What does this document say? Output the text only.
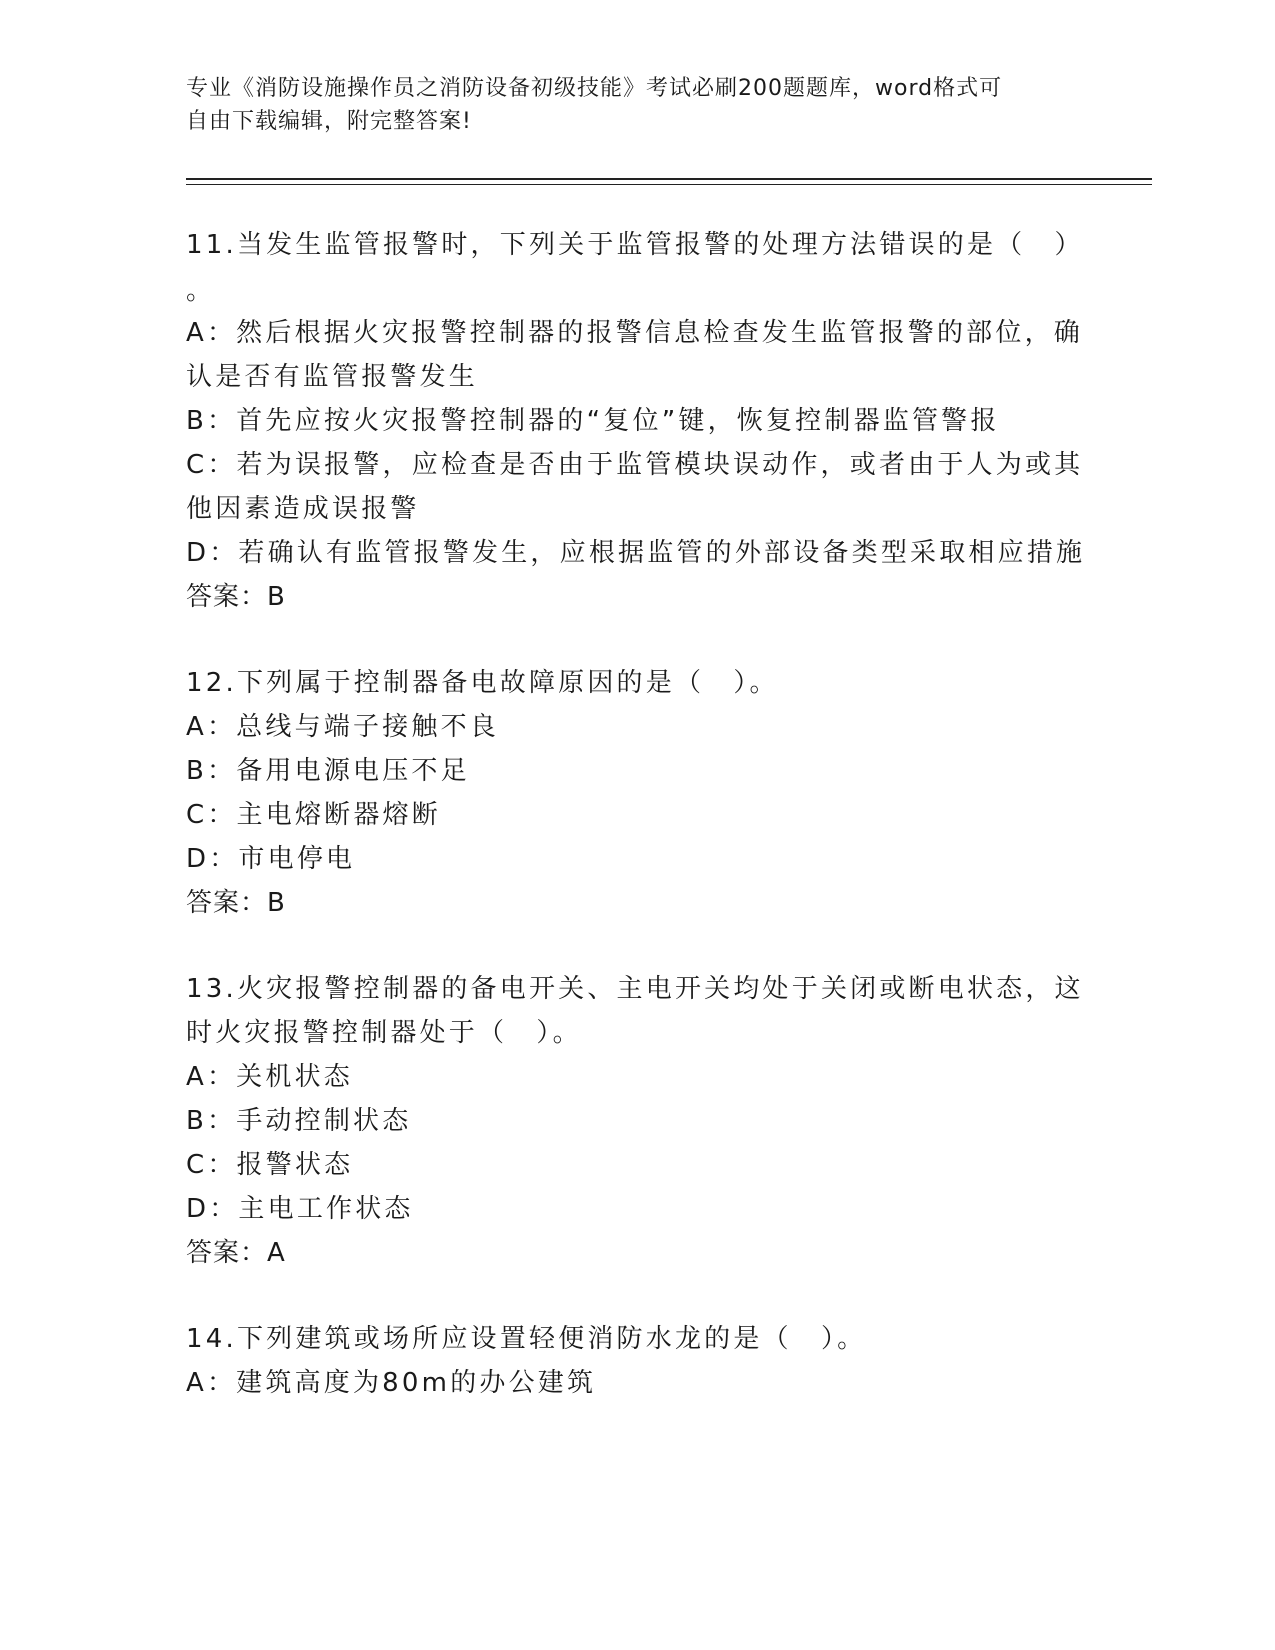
专业《消防设施操作员之消防设备初级技能》考试必刷200题题库，word格式可
自由下载编辑，附完整答案!
11.当发生监管报警时，下列关于监管报警的处理方法错误的是（　）
。
A：然后根据火灾报警控制器的报警信息检查发生监管报警的部位，确
认是否有监管报警发生
B：首先应按火灾报警控制器的“复位”键，恢复控制器监管警报
C：若为误报警，应检查是否由于监管模块误动作，或者由于人为或其
他因素造成误报警
D：若确认有监管报警发生，应根据监管的外部设备类型采取相应措施
答案：B
12.下列属于控制器备电故障原因的是（　）。
A：总线与端子接触不良
B：备用电源电压不足
C：主电熔断器熔断
D：市电停电
答案：B
13.火灾报警控制器的备电开关、主电开关均处于关闭或断电状态，这
时火灾报警控制器处于（　）。
A：关机状态
B：手动控制状态
C：报警状态
D：主电工作状态
答案：A
14.下列建筑或场所应设置轻便消防水龙的是（　）。
A：建筑高度为80m的办公建筑
